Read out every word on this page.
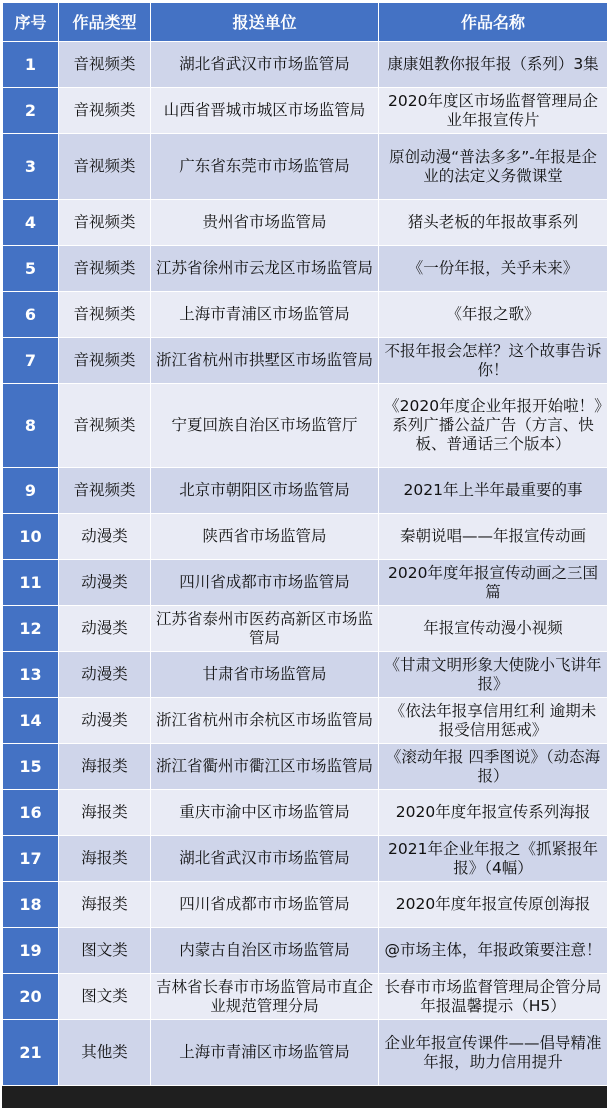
序号	作品类型	报送单位	作品名称
1	音视频类	湖北省武汉市市场监管局	康康姐教你报年报（系列）3集
2	音视频类	山西省晋城市城区市场监管局	2020年度区市场监督管理局企业年报宣传片
3	音视频类	广东省东莞市市场监管局	原创动漫“普法多多”-年报是企业的法定义务微课堂
4	音视频类	贵州省市场监管局	猪头老板的年报故事系列
5	音视频类	江苏省徐州市云龙区市场监管局	《一份年报，关乎未来》
6	音视频类	上海市青浦区市场监管局	《年报之歌》
7	音视频类	浙江省杭州市拱墅区市场监管局	不报年报会怎样？这个故事告诉你！
8	音视频类	宁夏回族自治区市场监管厅	《2020年度企业年报开始啦！》系列广播公益广告（方言、快板、普通话三个版本）
9	音视频类	北京市朝阳区市场监管局	2021年上半年最重要的事
10	动漫类	陕西省市场监管局	秦朝说唱——年报宣传动画
11	动漫类	四川省成都市市场监管局	2020年度年报宣传动画之三国篇
12	动漫类	江苏省泰州市医药高新区市场监管局	年报宣传动漫小视频
13	动漫类	甘肃省市场监管局	《甘肃文明形象大使陇小飞讲年报》
14	动漫类	浙江省杭州市余杭区市场监管局	《依法年报享信用红利 逾期未报受信用惩戒》
15	海报类	浙江省衢州市衢江区市场监管局	《滚动年报 四季图说》（动态海报）
16	海报类	重庆市渝中区市场监管局	2020年度年报宣传系列海报
17	海报类	湖北省武汉市市场监管局	2021年企业年报之《抓紧报年报》（4幅）
18	海报类	四川省成都市市场监管局	2020年度年报宣传原创海报
19	图文类	内蒙古自治区市场监管局	@市场主体，年报政策要注意！
20	图文类	吉林省长春市市场监管局市直企业规范管理分局	长春市市场监督管理局企管分局年报温馨提示（H5）
21	其他类	上海市青浦区市场监管局	企业年报宣传课件——倡导精准年报，助力信用提升
